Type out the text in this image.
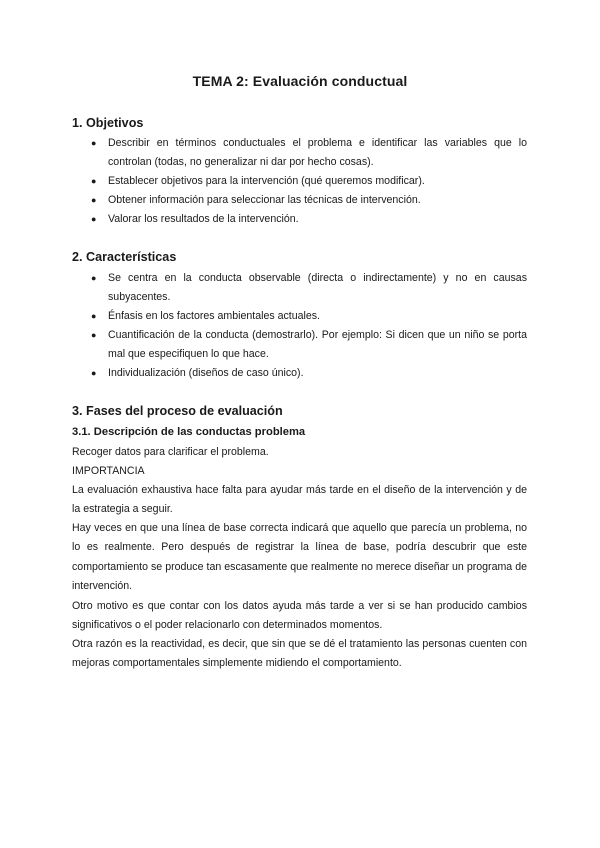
TEMA 2: Evaluación conductual
1. Objetivos
● Describir en términos conductuales el problema e identificar las variables que lo controlan (todas, no generalizar ni dar por hecho cosas).
● Establecer objetivos para la intervención (qué queremos modificar).
● Obtener información para seleccionar las técnicas de intervención.
● Valorar los resultados de la intervención.
2. Características
● Se centra en la conducta observable (directa o indirectamente) y no en causas subyacentes.
● Énfasis en los factores ambientales actuales.
● Cuantificación de la conducta (demostrarlo). Por ejemplo: Si dicen que un niño se porta mal que especifiquen lo que hace.
● Individualización (diseños de caso único).
3. Fases del proceso de evaluación
3.1. Descripción de las conductas problema
Recoger datos para clarificar el problema.
IMPORTANCIA
La evaluación exhaustiva hace falta para ayudar más tarde en el diseño de la intervención y de la estrategia a seguir.
Hay veces en que una línea de base correcta indicará que aquello que parecía un problema, no lo es realmente. Pero después de registrar la línea de base, podría descubrir que este comportamiento se produce tan escasamente que realmente no merece diseñar un programa de intervención.
Otro motivo es que contar con los datos ayuda más tarde a ver si se han producido cambios significativos o el poder relacionarlo con determinados momentos.
Otra razón es la reactividad, es decir, que sin que se dé el tratamiento las personas cuenten con mejoras comportamentales simplemente midiendo el comportamiento.
